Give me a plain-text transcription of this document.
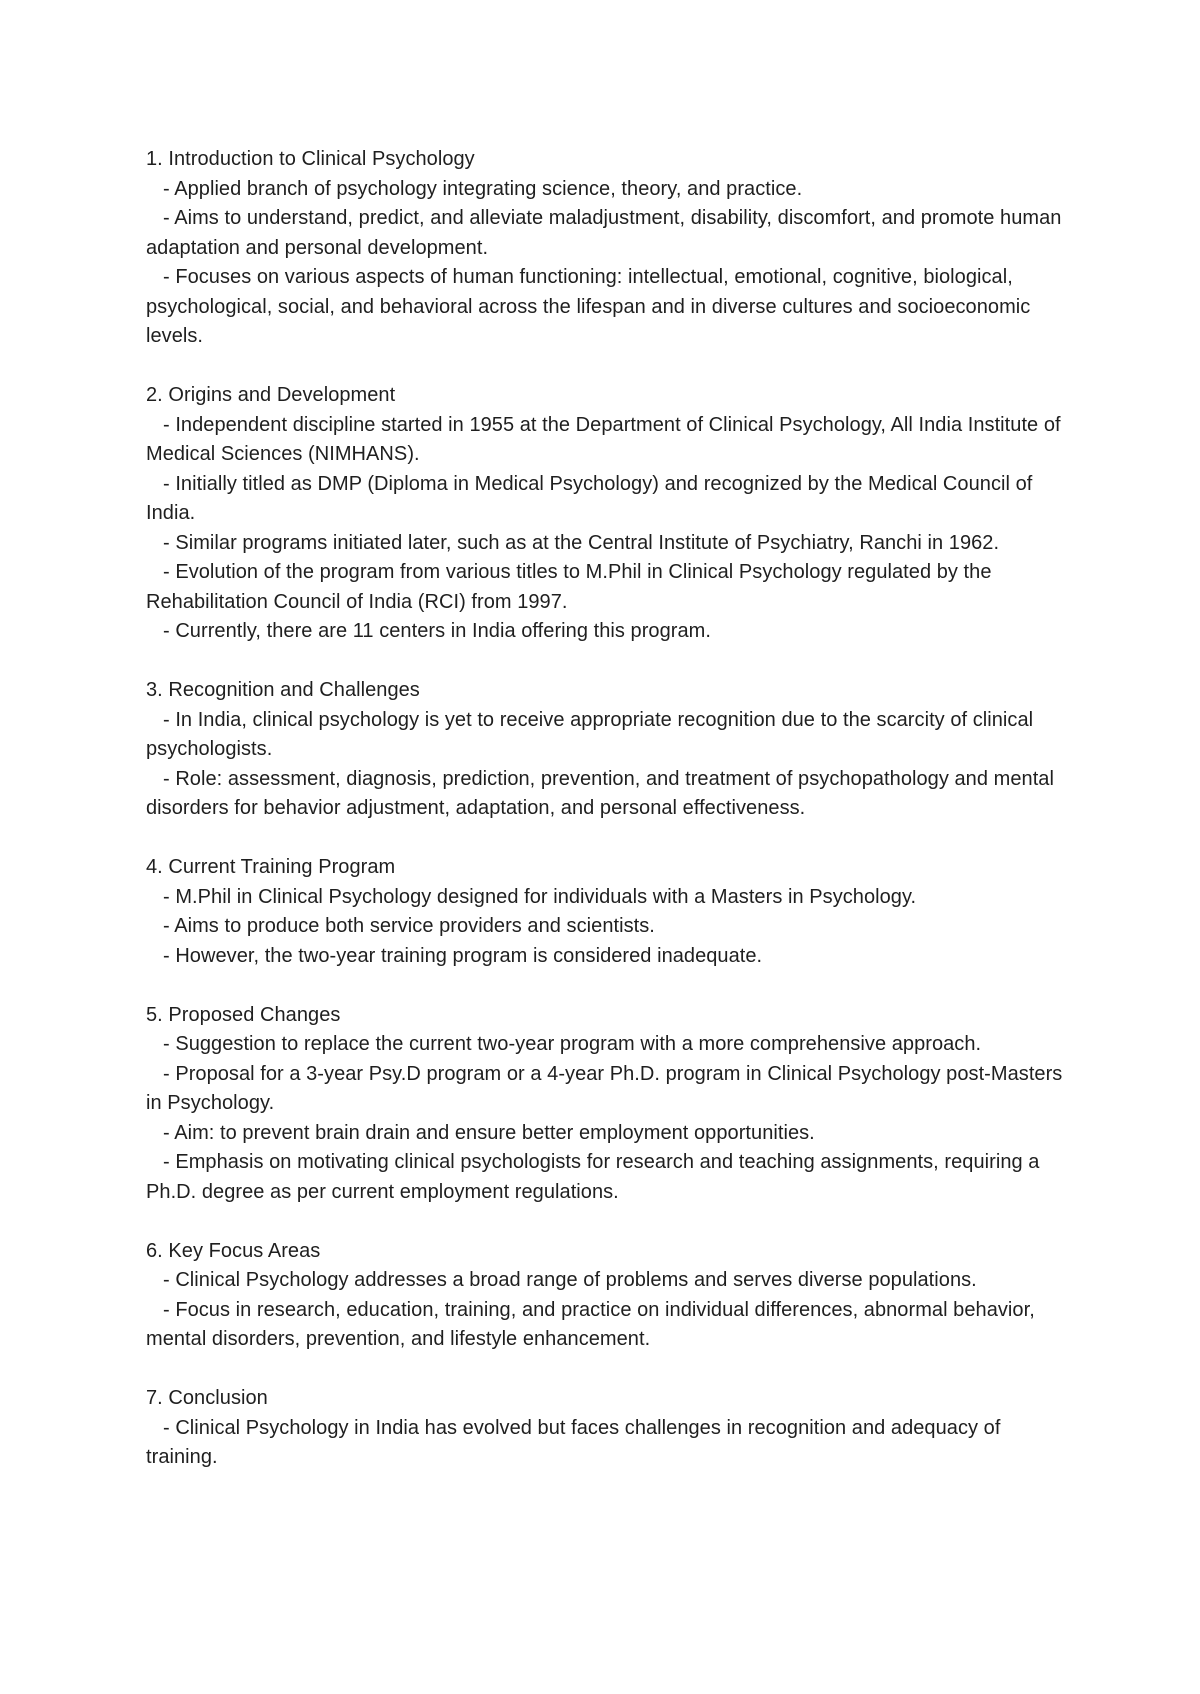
1. Introduction to Clinical Psychology

- Applied branch of psychology integrating science, theory, and practice.

- Aims to understand, predict, and alleviate maladjustment, disability, discomfort, and promote human adaptation and personal development.

- Focuses on various aspects of human functioning: intellectual, emotional, cognitive, biological, psychological, social, and behavioral across the lifespan and in diverse cultures and socioeconomic levels.

2. Origins and Development

- Independent discipline started in 1955 at the Department of Clinical Psychology, All India Institute of Medical Sciences (NIMHANS).

- Initially titled as DMP (Diploma in Medical Psychology) and recognized by the Medical Council of India.

- Similar programs initiated later, such as at the Central Institute of Psychiatry, Ranchi in 1962.

- Evolution of the program from various titles to M.Phil in Clinical Psychology regulated by the Rehabilitation Council of India (RCI) from 1997.

- Currently, there are 11 centers in India offering this program.

3. Recognition and Challenges

- In India, clinical psychology is yet to receive appropriate recognition due to the scarcity of clinical psychologists.

- Role: assessment, diagnosis, prediction, prevention, and treatment of psychopathology and mental disorders for behavior adjustment, adaptation, and personal effectiveness.

4. Current Training Program

- M.Phil in Clinical Psychology designed for individuals with a Masters in Psychology.

- Aims to produce both service providers and scientists.

- However, the two-year training program is considered inadequate.

5. Proposed Changes

- Suggestion to replace the current two-year program with a more comprehensive approach.

- Proposal for a 3-year Psy.D program or a 4-year Ph.D. program in Clinical Psychology post-Masters in Psychology.

- Aim: to prevent brain drain and ensure better employment opportunities.

- Emphasis on motivating clinical psychologists for research and teaching assignments, requiring a Ph.D. degree as per current employment regulations.

6. Key Focus Areas

- Clinical Psychology addresses a broad range of problems and serves diverse populations.

- Focus in research, education, training, and practice on individual differences, abnormal behavior, mental disorders, prevention, and lifestyle enhancement.

7. Conclusion

- Clinical Psychology in India has evolved but faces challenges in recognition and adequacy of training.
